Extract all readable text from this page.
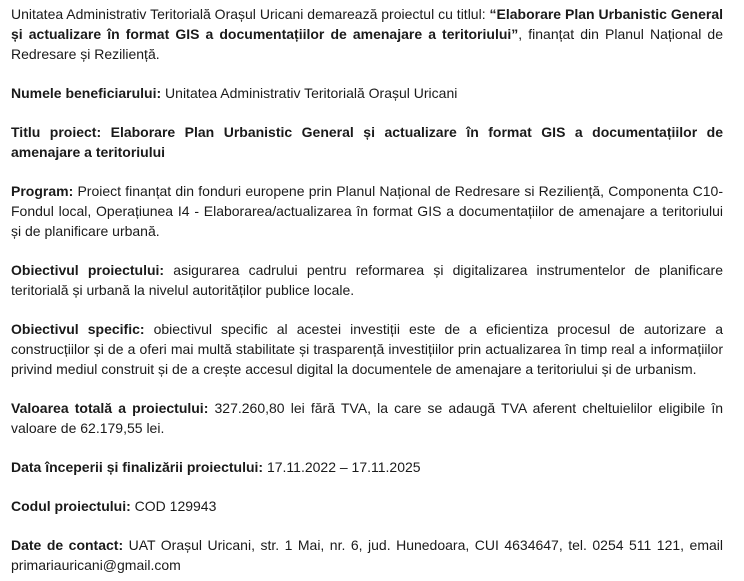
Unitatea Administrativ Teritorială Orașul Uricani demarează proiectul cu titlul: “Elaborare Plan Urbanistic General și actualizare în format GIS a documentațiilor de amenajare a teritoriului”, finanțat din Planul Național de Redresare și Reziliență.

Numele beneficiarului: Unitatea Administrativ Teritorială Orașul Uricani

Titlu proiect: Elaborare Plan Urbanistic General și actualizare în format GIS a documentațiilor de amenajare a teritoriului

Program: Proiect finanțat din fonduri europene prin Planul Național de Redresare si Reziliență, Componenta C10-Fondul local, Operațiunea I4 - Elaborarea/actualizarea în format GIS a documentațiilor de amenajare a teritoriului și de planificare urbană.

Obiectivul proiectului: asigurarea cadrului pentru reformarea și digitalizarea instrumentelor de planificare teritorială și urbană la nivelul autorităților publice locale.

Obiectivul specific: obiectivul specific al acestei investiții este de a eficientiza procesul de autorizare a construcțiilor și de a oferi mai multă stabilitate și trasparență investițiilor prin actualizarea în timp real a informațiilor privind mediul construit și de a crește accesul digital la documentele de amenajare a teritoriului și de urbanism.

Valoarea totală a proiectului: 327.260,80 lei fără TVA, la care se adaugă TVA aferent cheltuielilor eligibile în valoare de 62.179,55 lei.

Data începerii și finalizării proiectului: 17.11.2022 – 17.11.2025

Codul proiectului: COD 129943

Date de contact: UAT Orașul Uricani, str. 1 Mai, nr. 6, jud. Hunedoara, CUI 4634647, tel. 0254 511 121, email primariauricani@gmail.com
